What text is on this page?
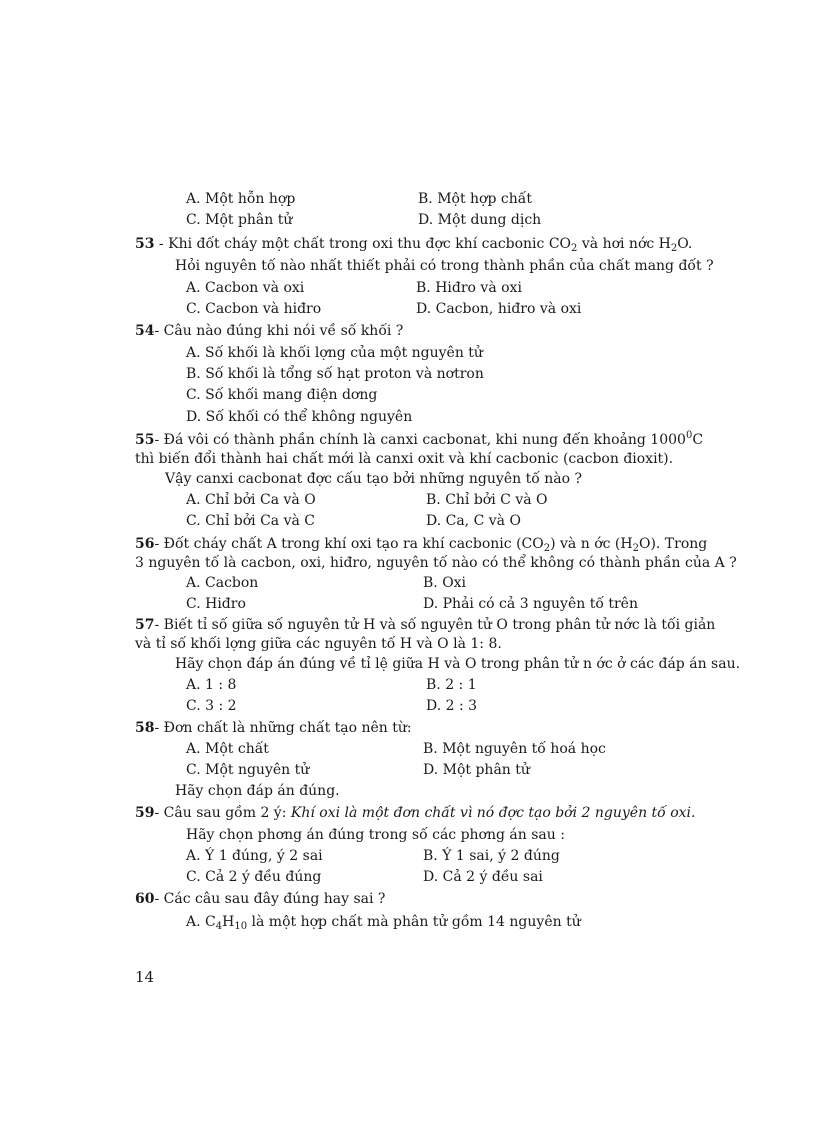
A. Một hỗn hợp	B. Một hợp chất
C. Một phân tử	D. Một dung dịch
53 - Khi đốt cháy một chất trong oxi thu đợc khí cacbonic $CO_2$ và hơi nớc $H_2O$.
Hỏi nguyên tố nào nhất thiết phải có trong thành phần của chất mang đốt ?
A. Cacbon và oxi	B. Hiđro và oxi
C. Cacbon và hiđro	D. Cacbon, hiđro và oxi
54- Câu nào đúng khi nói về số khối ?
A. Số khối là khối lợng của một nguyên tử
B. Số khối là tổng số hạt proton và nơtron
C. Số khối mang điện dơng
D. Số khối có thể không nguyên
55- Đá vôi có thành phần chính là canxi cacbonat, khi nung đến khoảng 1000$^0$C
thì biến đổi thành hai chất mới là canxi oxit và khí cacbonic (cacbon đioxit).
Vậy canxi cacbonat đợc cấu tạo bởi những nguyên tố nào ?
A. Chỉ bởi Ca và O	B. Chỉ bởi C và O
C. Chỉ bởi Ca và C	D. Ca, C và O
56- Đốt cháy chất A trong khí oxi tạo ra khí cacbonic $(CO_2)$ và n ớc $(H_2O)$. Trong
3 nguyên tố là cacbon, oxi, hiđro, nguyên tố nào có thể không có thành phần của A ?
A. Cacbon	B. Oxi
C. Hiđro	D. Phải có cả 3 nguyên tố trên
57- Biết tỉ số giữa số nguyên tử H và số nguyên tử O trong phân tử nớc là tối giản
và tỉ số khối lợng giữa các nguyên tố H và O là 1: 8.
Hãy chọn đáp án đúng về tỉ lệ giữa H và O trong phân tử n ớc ở các đáp án sau.
A. 1 : 8	B. 2 : 1
C. 3 : 2	D. 2 : 3
58- Đơn chất là những chất tạo nên từ:
A. Một chất	B. Một nguyên tố hoá học
C. Một nguyên tử	D. Một phân tử
Hãy chọn đáp án đúng.
59- Câu sau gồm 2 ý: Khí oxi là một đơn chất vì nó đợc tạo bởi 2 nguyên tố oxi.
Hãy chọn phơng án đúng trong số các phơng án sau :
A. Ý 1 đúng, ý 2 sai	B. Ý 1 sai, ý 2 đúng
C. Cả 2 ý đều đúng	D. Cả 2 ý đều sai
60- Các câu sau đây đúng hay sai ?
A. $C_4H_{10}$ là một hợp chất mà phân tử gồm 14 nguyên tử
14
